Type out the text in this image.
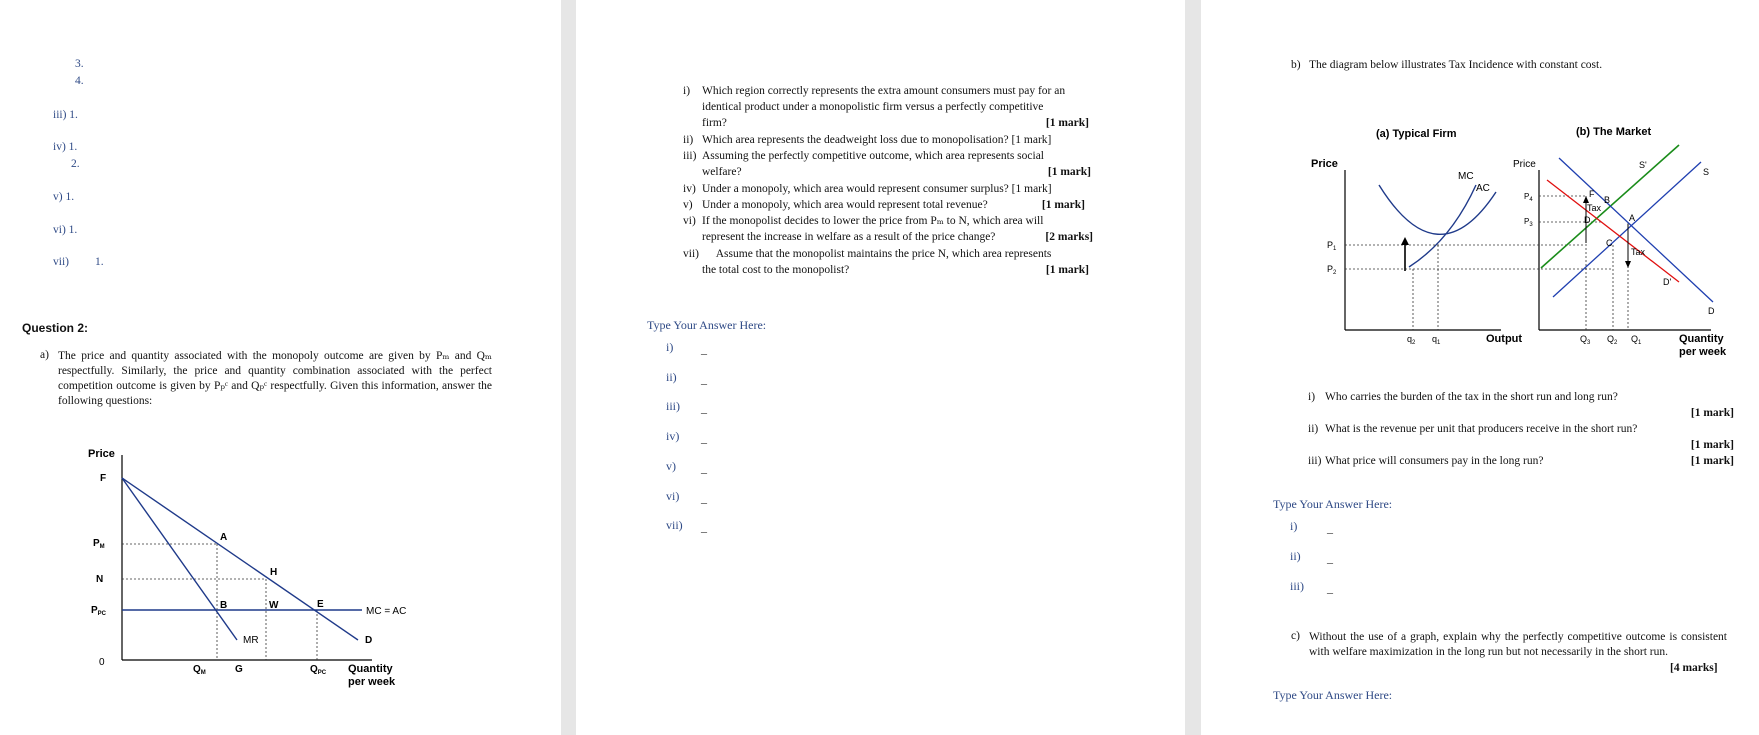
3.
4.
iii) 1.
iv) 1.
2.
v) 1.
vi) 1.
vii) 1.
Question 2:
a) The price and quantity associated with the monopoly outcome are given by Pₘ and Qₘ respectfully. Similarly, the price and quantity combination associated with the perfect competition outcome is given by Pₚᶜ and Qₚᶜ respectfully. Given this information, answer the following questions:
Price
F
$P_M$
N
$P_{PC}$
0
$Q_M$	G	$Q_{PC}$ Quantity
per week
A
H
B	W	E
MC = AC
MR	D
i) Which region correctly represents the extra amount consumers must pay for an
identical product under a monopolistic firm versus a perfectly competitive
firm?	[1 mark]
ii) Which area represents the deadweight loss due to monopolisation? [1 mark]
iii) Assuming the perfectly competitive outcome, which area represents social
welfare?	[1 mark]
iv) Under a monopoly, which area would represent consumer surplus? [1 mark]
v) Under a monopoly, which area would represent total revenue?	[1 mark]
vi) If the monopolist decides to lower the price from Pₘ to N, which area will
represent the increase in welfare as a result of the price change?	[2 marks]
vii) Assume that the monopolist maintains the price N, which area represents
the total cost to the monopolist?	[1 mark]
Type Your Answer Here:
i) _
ii) _
iii) _
iv) _
v) _
vi) _
vii) _
b) The diagram below illustrates Tax Incidence with constant cost.
(a) Typical Firm	(b) The Market
Price	Price
MC
AC	F
B
D	A
C
Tax
Tax
S'
S
D'
D
$P_1$
$P_2$
$P_4$
$P_3$
$q_2$ $q_1$	Output	$Q_3$ $Q_2$ $Q_1$	Quantity
per week
i) Who carries the burden of the tax in the short run and long run?
[1 mark]
ii) What is the revenue per unit that producers receive in the short run?
[1 mark]
iii) What price will consumers pay in the long run?	[1 mark]
Type Your Answer Here:
i) _
ii) _
iii) _
c) Without the use of a graph, explain why the perfectly competitive outcome is consistent with welfare maximization in the long run but not necessarily in the short run.
[4 marks]
Type Your Answer Here:
